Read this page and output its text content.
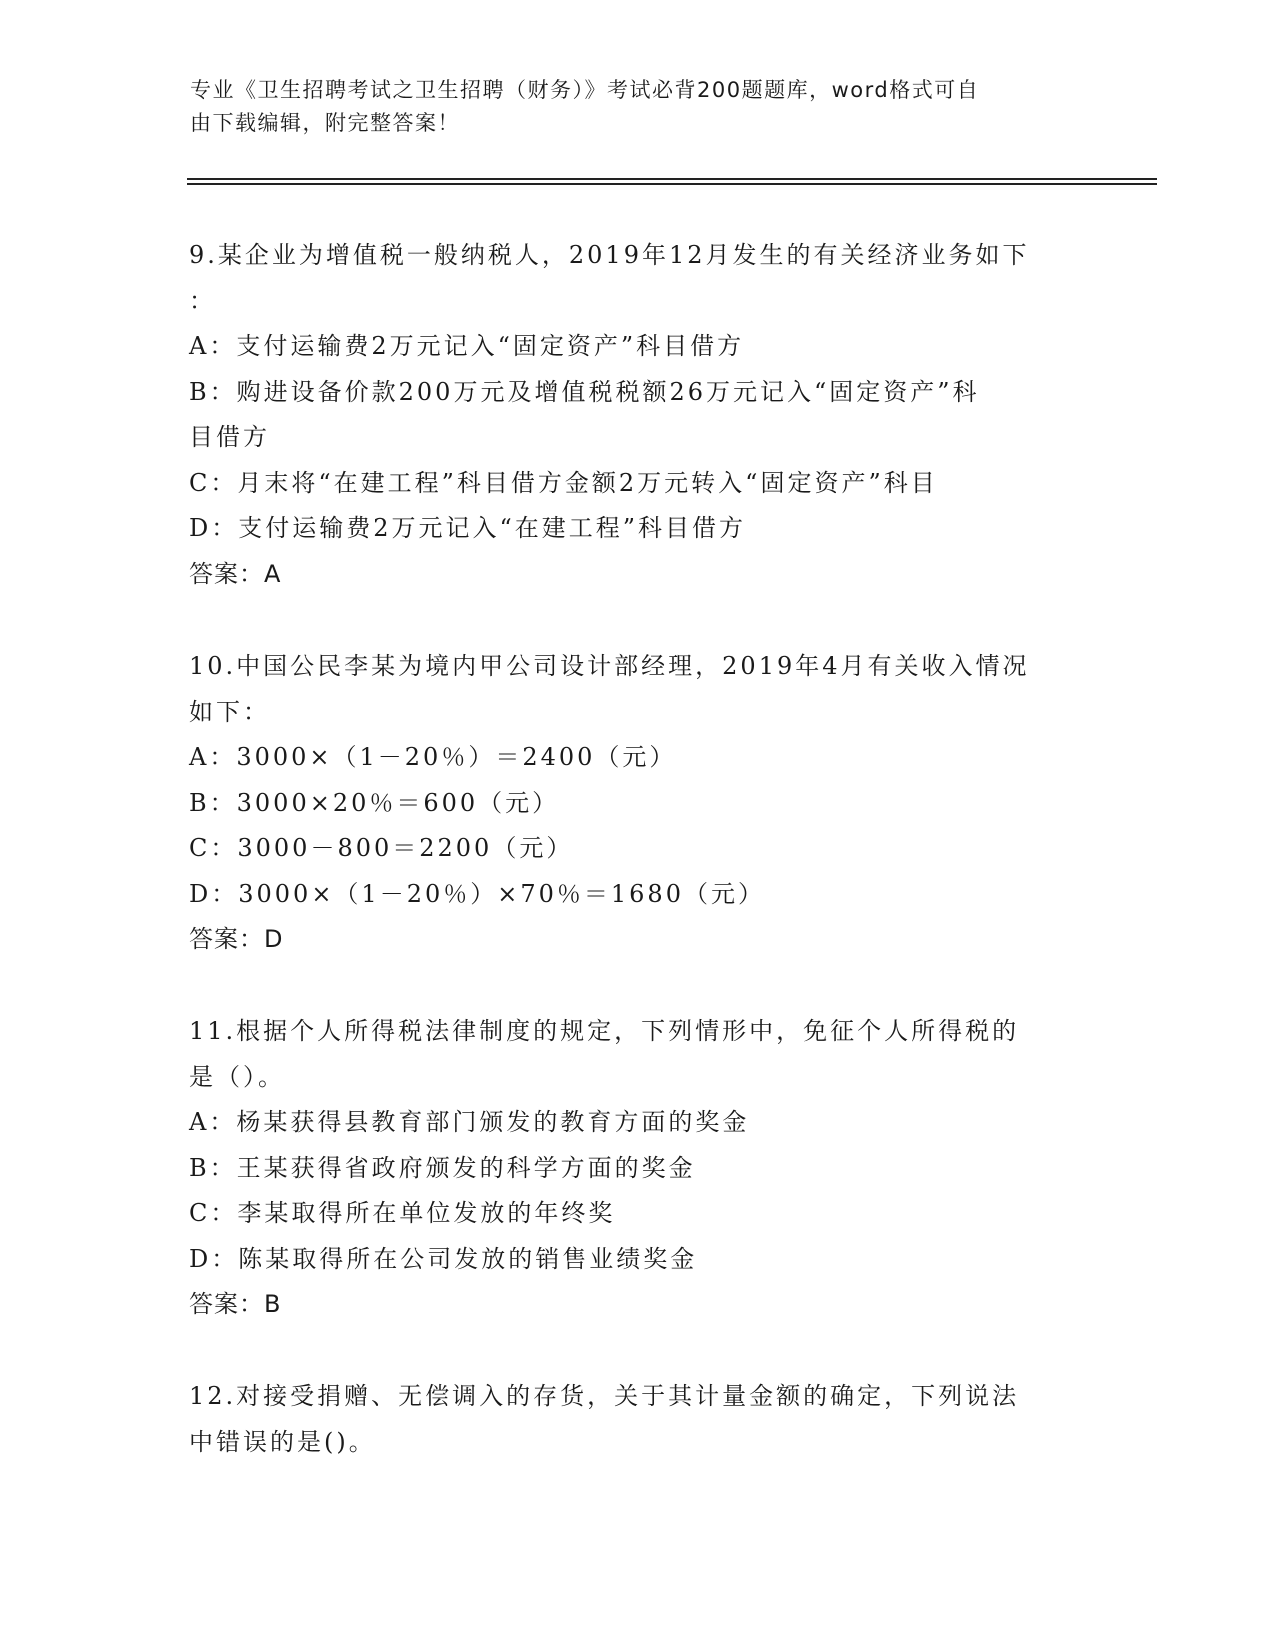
专业《卫生招聘考试之卫生招聘（财务）》考试必背200题题库，word格式可自
由下载编辑，附完整答案！
9.某企业为增值税一般纳税人，2019年12月发生的有关经济业务如下
：
A：支付运输费2万元记入“固定资产”科目借方
B：购进设备价款200万元及增值税税额26万元记入“固定资产”科
目借方
C：月末将“在建工程”科目借方金额2万元转入“固定资产”科目
D：支付运输费2万元记入“在建工程”科目借方
答案：A
10.中国公民李某为境内甲公司设计部经理，2019年4月有关收入情况
如下：
A：3000×（1－20％）＝2400（元）
B：3000×20％＝600（元）
C：3000－800＝2200（元）
D：3000×（1－20％）×70％＝1680（元）
答案：D
11.根据个人所得税法律制度的规定，下列情形中，免征个人所得税的
是（）。
A：杨某获得县教育部门颁发的教育方面的奖金
B：王某获得省政府颁发的科学方面的奖金
C：李某取得所在单位发放的年终奖
D：陈某取得所在公司发放的销售业绩奖金
答案：B
12.对接受捐赠、无偿调入的存货，关于其计量金额的确定，下列说法
中错误的是()。
